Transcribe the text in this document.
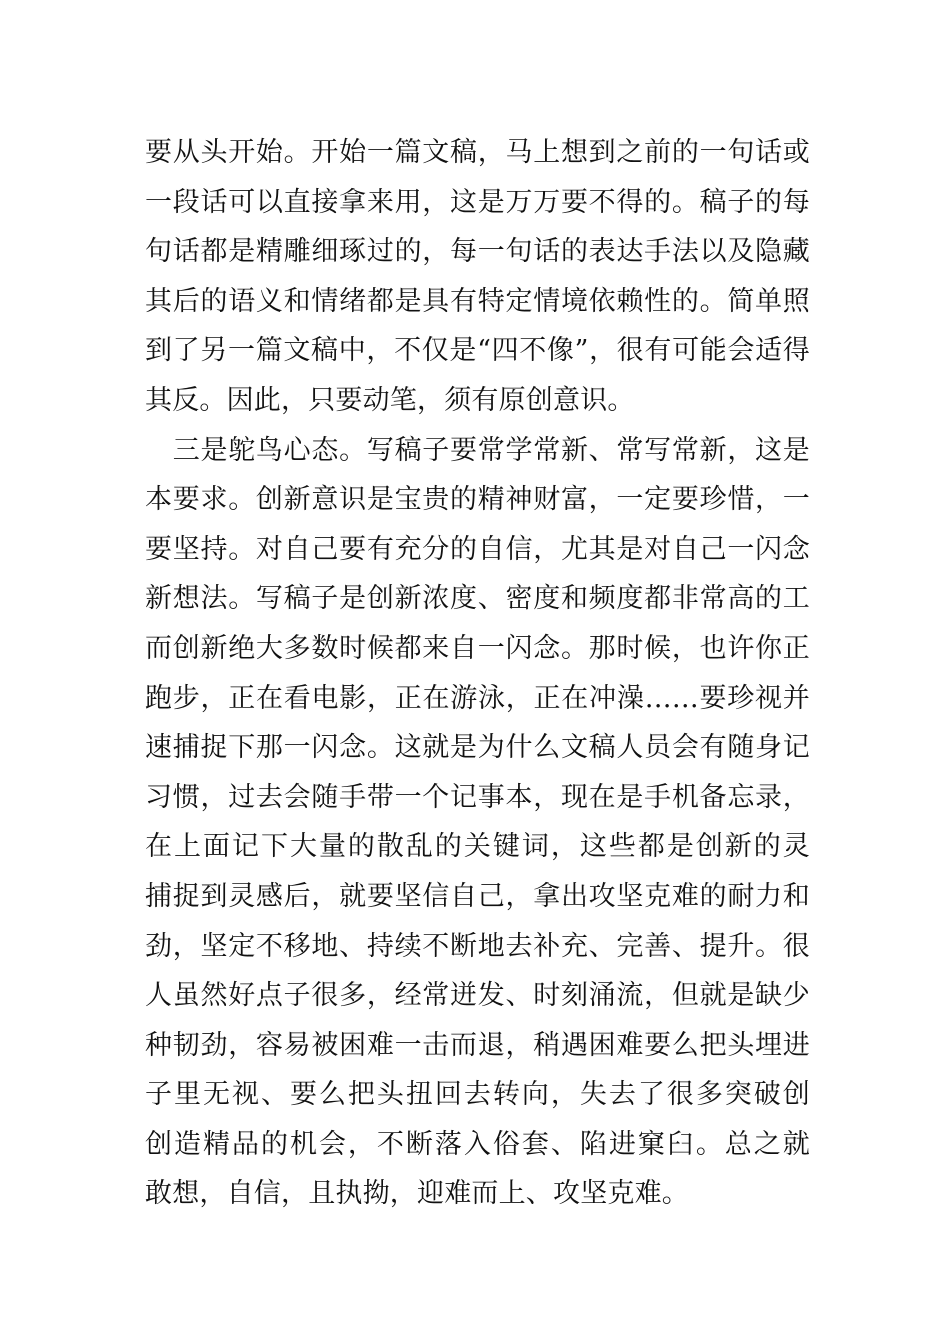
要从头开始。开始一篇文稿，马上想到之前的一句话或
一段话可以直接拿来用，这是万万要不得的。稿子的每
句话都是精雕细琢过的，每一句话的表达手法以及隐藏
其后的语义和情绪都是具有特定情境依赖性的。简单照
到了另一篇文稿中，不仅是“四不像”，很有可能会适得
其反。因此，只要动笔，须有原创意识。
　三是鸵鸟心态。写稿子要常学常新、常写常新，这是
本要求。创新意识是宝贵的精神财富，一定要珍惜，一
要坚持。对自己要有充分的自信，尤其是对自己一闪念
新想法。写稿子是创新浓度、密度和频度都非常高的工
而创新绝大多数时候都来自一闪念。那时候，也许你正
跑步，正在看电影，正在游泳，正在冲澡……要珍视并
速捕捉下那一闪念。这就是为什么文稿人员会有随身记
习惯，过去会随手带一个记事本，现在是手机备忘录，
在上面记下大量的散乱的关键词，这些都是创新的灵
捕捉到灵感后，就要坚信自己，拿出攻坚克难的耐力和
劲，坚定不移地、持续不断地去补充、完善、提升。很
人虽然好点子很多，经常迸发、时刻涌流，但就是缺少
种韧劲，容易被困难一击而退，稍遇困难要么把头埋进
子里无视、要么把头扭回去转向，失去了很多突破创
创造精品的机会，不断落入俗套、陷进窠臼。总之就
敢想，自信，且执拗，迎难而上、攻坚克难。
